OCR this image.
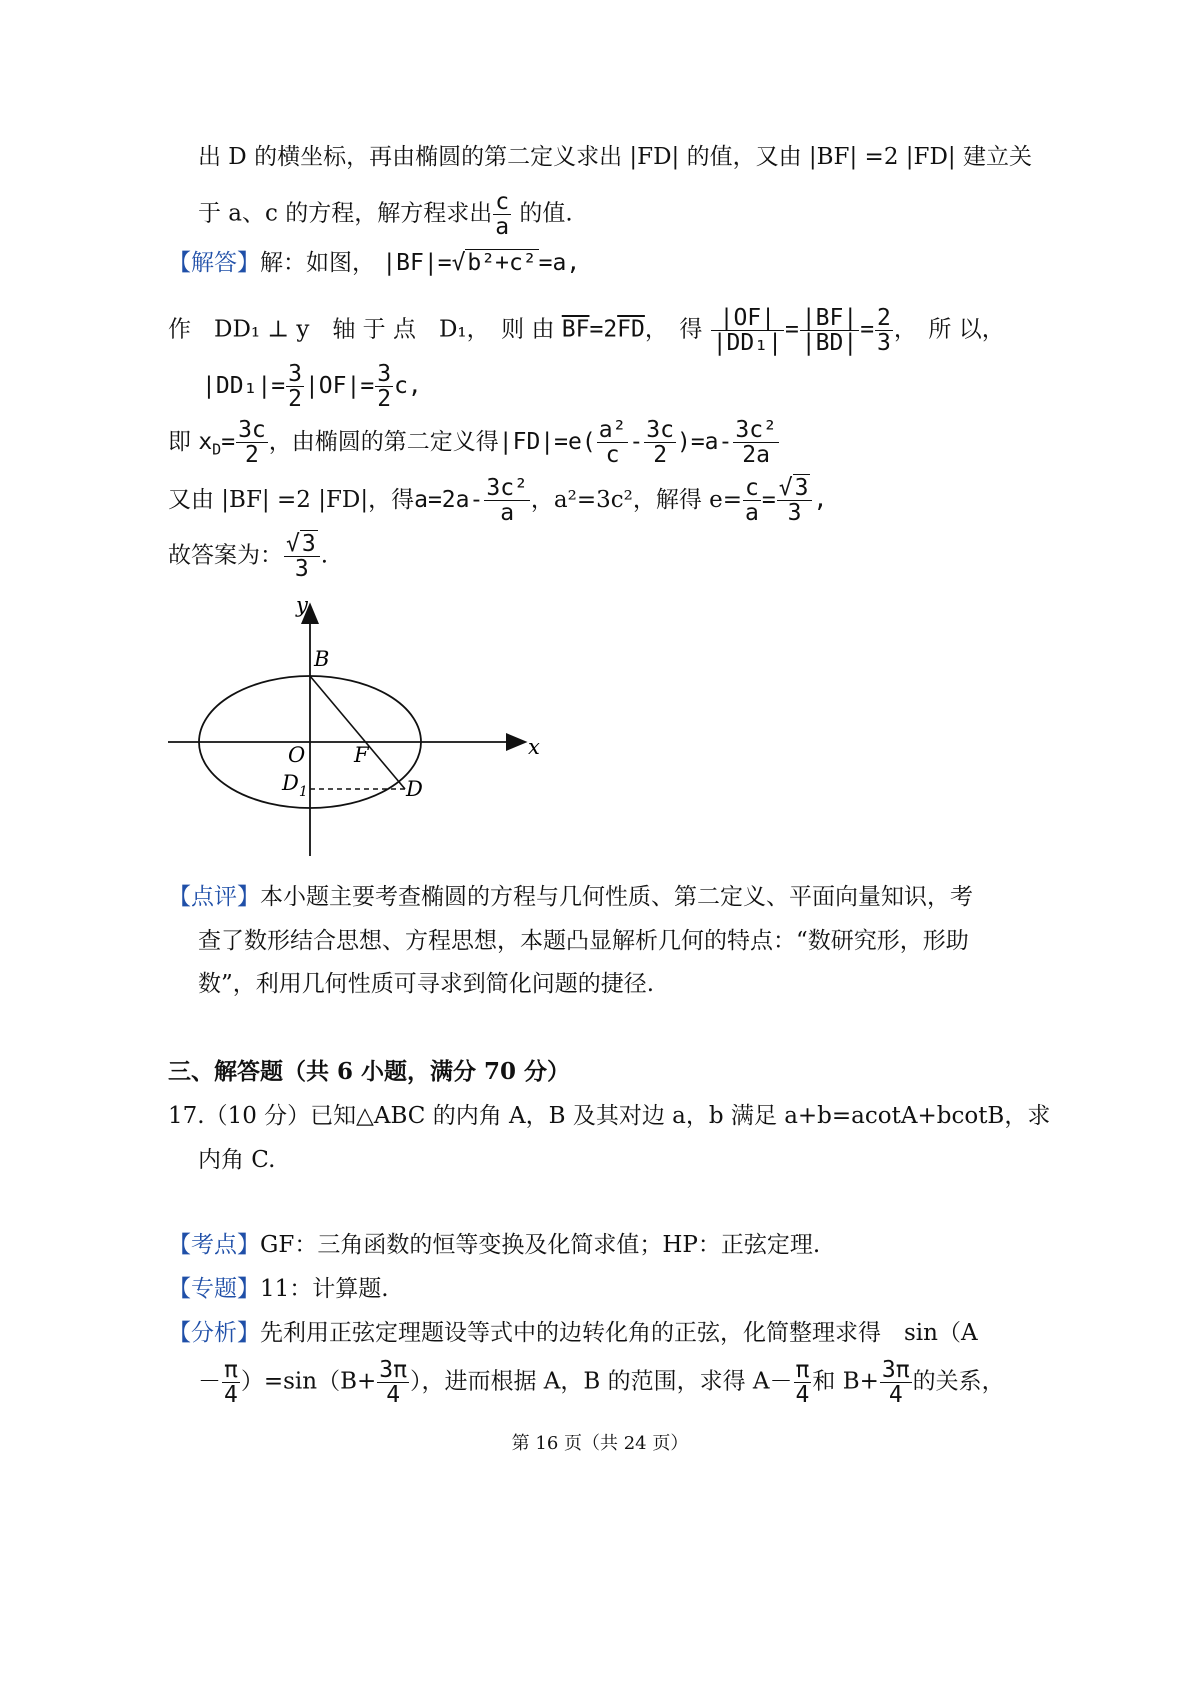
出 D 的横坐标，再由椭圆的第二定义求出 |FD| 的值，又由 |BF| =2 |FD| 建立关
于 a、c 的方程，解方程求出 $\frac{c}{a}$ 的值.
【解答】解：如图， |BF|=√b²+c²=a,
作　DD₁ ⊥ y　轴 于 点　D₁，　则 由 $\overline{BF}=2\overline{FD}$，　得 $\frac{|OF|}{\text{|DD₁|}} = \frac{|BF|}{|BD|} = \frac{2}{3}$ ，　所 以，
$|DD_1|= \frac{3}{2} |OF|= \frac{3}{2} c$,
即 $x_D= \frac{3c}{2}$ ，由椭圆的第二定义得$|FD|=e( \frac{\text{a²}}{c} - \frac{3c}{2} )=a- \frac{\text{3c²}}{2a}$
又由 |BF| =2 |FD|，得$a=2a- \frac{\text{3c²}}{a}$ ，a²=3c²，解得 $e= \frac{c}{a} = \frac{√3}{3}$ ,
故答案为： $\frac{√3}{3}$ .
y
x
B
O F
$D_1$	D
【点评】本小题主要考查椭圆的方程与几何性质、第二定义、平面向量知识，考
查了数形结合思想、方程思想，本题凸显解析几何的特点：“数研究形，形助
数”，利用几何性质可寻求到简化问题的捷径.
三、解答题（共 6 小题，满分 70 分）
17.（10 分）已知△ABC 的内角 A，B 及其对边 a，b 满足 a+b=acotA+bcotB，求
内角 C.
【考点】GF：三角函数的恒等变换及化简求值；HP：正弦定理.
【专题】11：计算题.
【分析】先利用正弦定理题设等式中的边转化角的正弦，化简整理求得　sin（A
－ $\frac{\pi}{4} )=\sin(B+ \frac{3\pi}{4}$ ），进而根据 A，B 的范围，求得 $A- \frac{\pi}{4}$ 和 $B+ \frac{3\pi}{4}$ 的关系，
第 16 页（共 24 页）
